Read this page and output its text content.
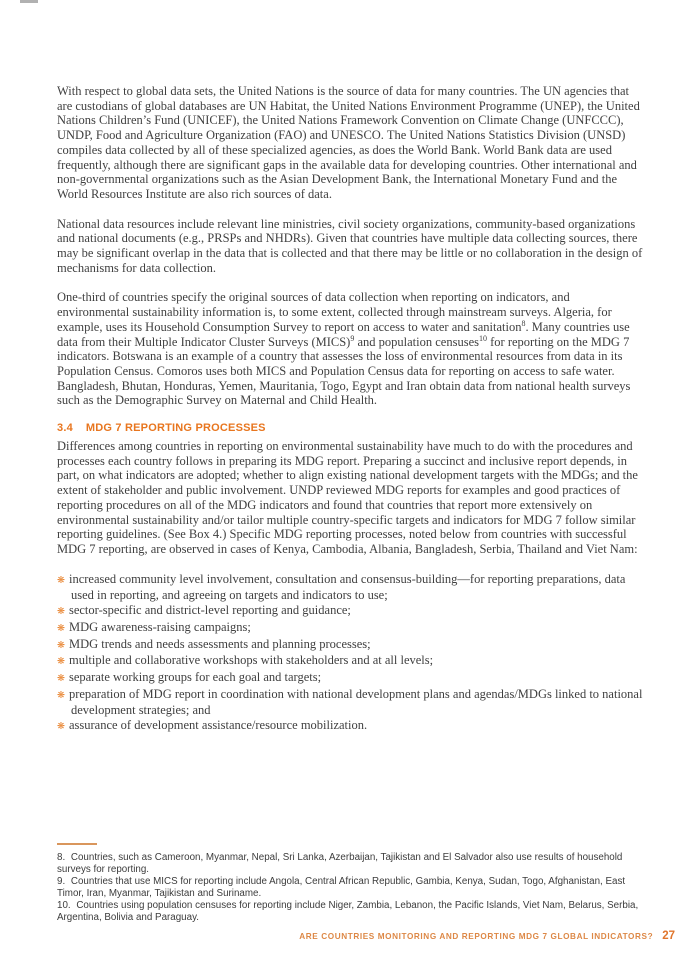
With respect to global data sets, the United Nations is the source of data for many countries. The UN agencies that are custodians of global databases are UN Habitat, the United Nations Environment Programme (UNEP), the United Nations Children’s Fund (UNICEF), the United Nations Framework Convention on Climate Change (UNFCCC), UNDP, Food and Agriculture Organization (FAO) and UNESCO. The United Nations Statistics Division (UNSD) compiles data collected by all of these specialized agencies, as does the World Bank. World Bank data are used frequently, although there are significant gaps in the available data for developing countries. Other international and non-governmental organizations such as the Asian Development Bank, the International Monetary Fund and the World Resources Institute are also rich sources of data.

National data resources include relevant line ministries, civil society organizations, community-based organizations and national documents (e.g., PRSPs and NHDRs). Given that countries have multiple data collecting sources, there may be significant overlap in the data that is collected and that there may be little or no collaboration in the design of mechanisms for data collection.

One-third of countries specify the original sources of data collection when reporting on indicators, and environmental sustainability information is, to some extent, collected through mainstream surveys. Algeria, for example, uses its Household Consumption Survey to report on access to water and sanitation$^8$. Many countries use data from their Multiple Indicator Cluster Surveys (MICS)$^9$ and population censuses$^{10}$ for reporting on the MDG 7 indicators. Botswana is an example of a country that assesses the loss of environmental resources from data in its Population Census. Comoros uses both MICS and Population Census data for reporting on access to safe water. Bangladesh, Bhutan, Honduras, Yemen, Mauritania, Togo, Egypt and Iran obtain data from national health surveys such as the Demographic Survey on Maternal and Child Health.

3.4 MDG 7 REPORTING PROCESSES

Differences among countries in reporting on environmental sustainability have much to do with the procedures and processes each country follows in preparing its MDG report. Preparing a succinct and inclusive report depends, in part, on what indicators are adopted; whether to align existing national development targets with the MDGs; and the extent of stakeholder and public involvement. UNDP reviewed MDG reports for examples and good practices of reporting procedures on all of the MDG indicators and found that countries that report more extensively on environmental sustainability and/or tailor multiple country-specific targets and indicators for MDG 7 follow similar reporting guidelines. (See Box 4.) Specific MDG reporting processes, noted below from countries with successful MDG 7 reporting, are observed in cases of Kenya, Cambodia, Albania, Bangladesh, Serbia, Thailand and Viet Nam:

❋ increased community level involvement, consultation and consensus-building—for reporting preparations, data used in reporting, and agreeing on targets and indicators to use;
❋ sector-specific and district-level reporting and guidance;
❋ MDG awareness-raising campaigns;
❋ MDG trends and needs assessments and planning processes;
❋ multiple and collaborative workshops with stakeholders and at all levels;
❋ separate working groups for each goal and targets;
❋ preparation of MDG report in coordination with national development plans and agendas/MDGs linked to national development strategies; and
❋ assurance of development assistance/resource mobilization.

8. Countries, such as Cameroon, Myanmar, Nepal, Sri Lanka, Azerbaijan, Tajikistan and El Salvador also use results of household surveys for reporting.

9. Countries that use MICS for reporting include Angola, Central African Republic, Gambia, Kenya, Sudan, Togo, Afghanistan, East Timor, Iran, Myanmar, Tajikistan and Suriname.

10. Countries using population censuses for reporting include Niger, Zambia, Lebanon, the Pacific Islands, Viet Nam, Belarus, Serbia, Argentina, Bolivia and Paraguay.

ARE COUNTRIES MONITORING AND REPORTING MDG 7 GLOBAL INDICATORS? 27
